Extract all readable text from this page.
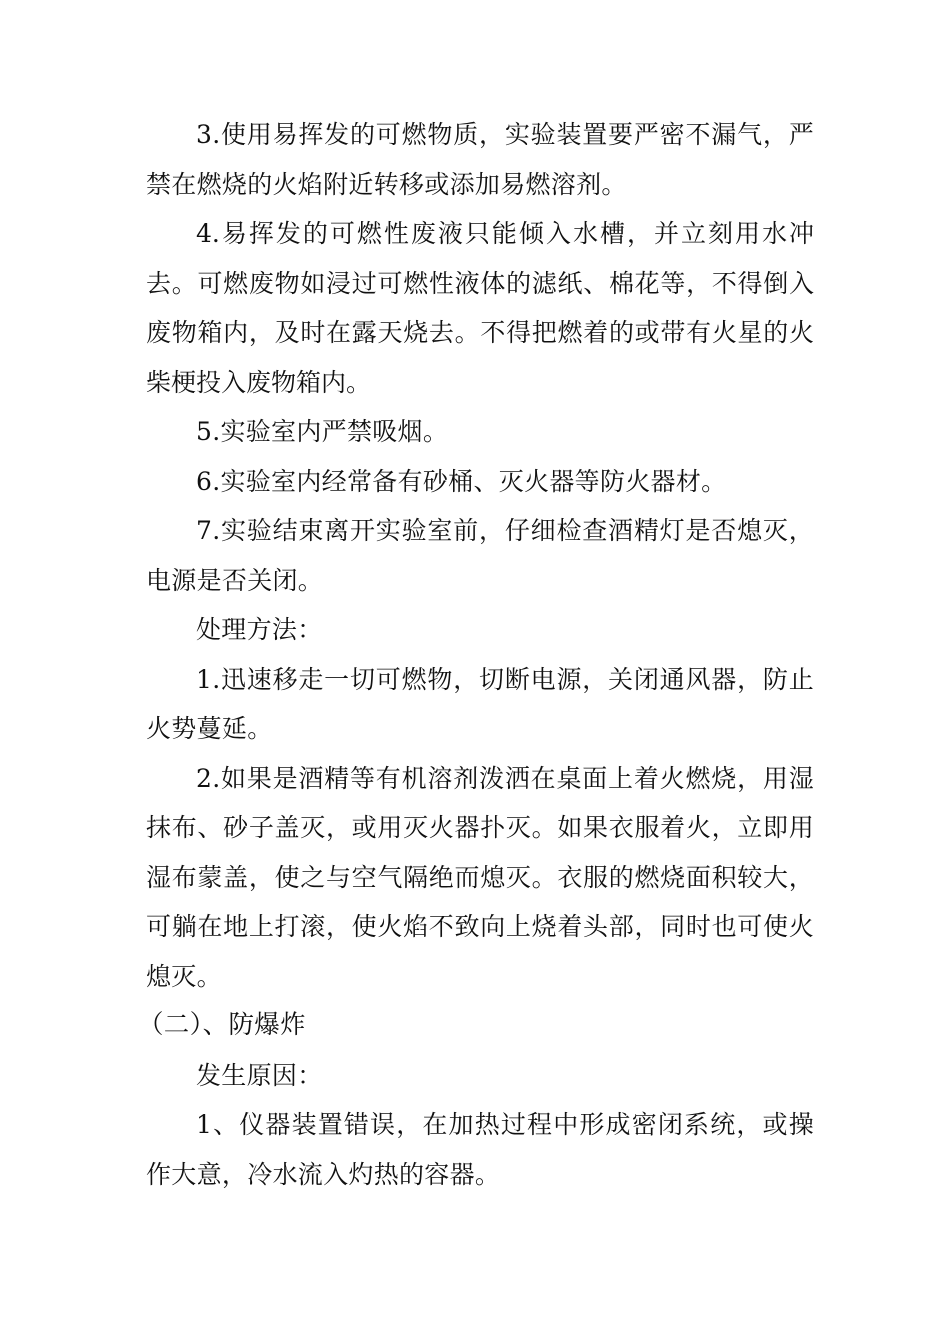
3.使用易挥发的可燃物质，实验装置要严密不漏气，严禁在燃烧的火焰附近转移或添加易燃溶剂。

4.易挥发的可燃性废液只能倾入水槽，并立刻用水冲去。可燃废物如浸过可燃性液体的滤纸、棉花等，不得倒入废物箱内，及时在露天烧去。不得把燃着的或带有火星的火柴梗投入废物箱内。

5.实验室内严禁吸烟。

6.实验室内经常备有砂桶、灭火器等防火器材。

7.实验结束离开实验室前，仔细检查酒精灯是否熄灭，电源是否关闭。

处理方法：

1.迅速移走一切可燃物，切断电源，关闭通风器，防止火势蔓延。

2.如果是酒精等有机溶剂泼洒在桌面上着火燃烧，用湿抹布、砂子盖灭，或用灭火器扑灭。如果衣服着火，立即用湿布蒙盖，使之与空气隔绝而熄灭。衣服的燃烧面积较大，可躺在地上打滚，使火焰不致向上烧着头部，同时也可使火熄灭。

（二）、防爆炸

发生原因：

1、仪器装置错误，在加热过程中形成密闭系统，或操作大意，冷水流入灼热的容器。
